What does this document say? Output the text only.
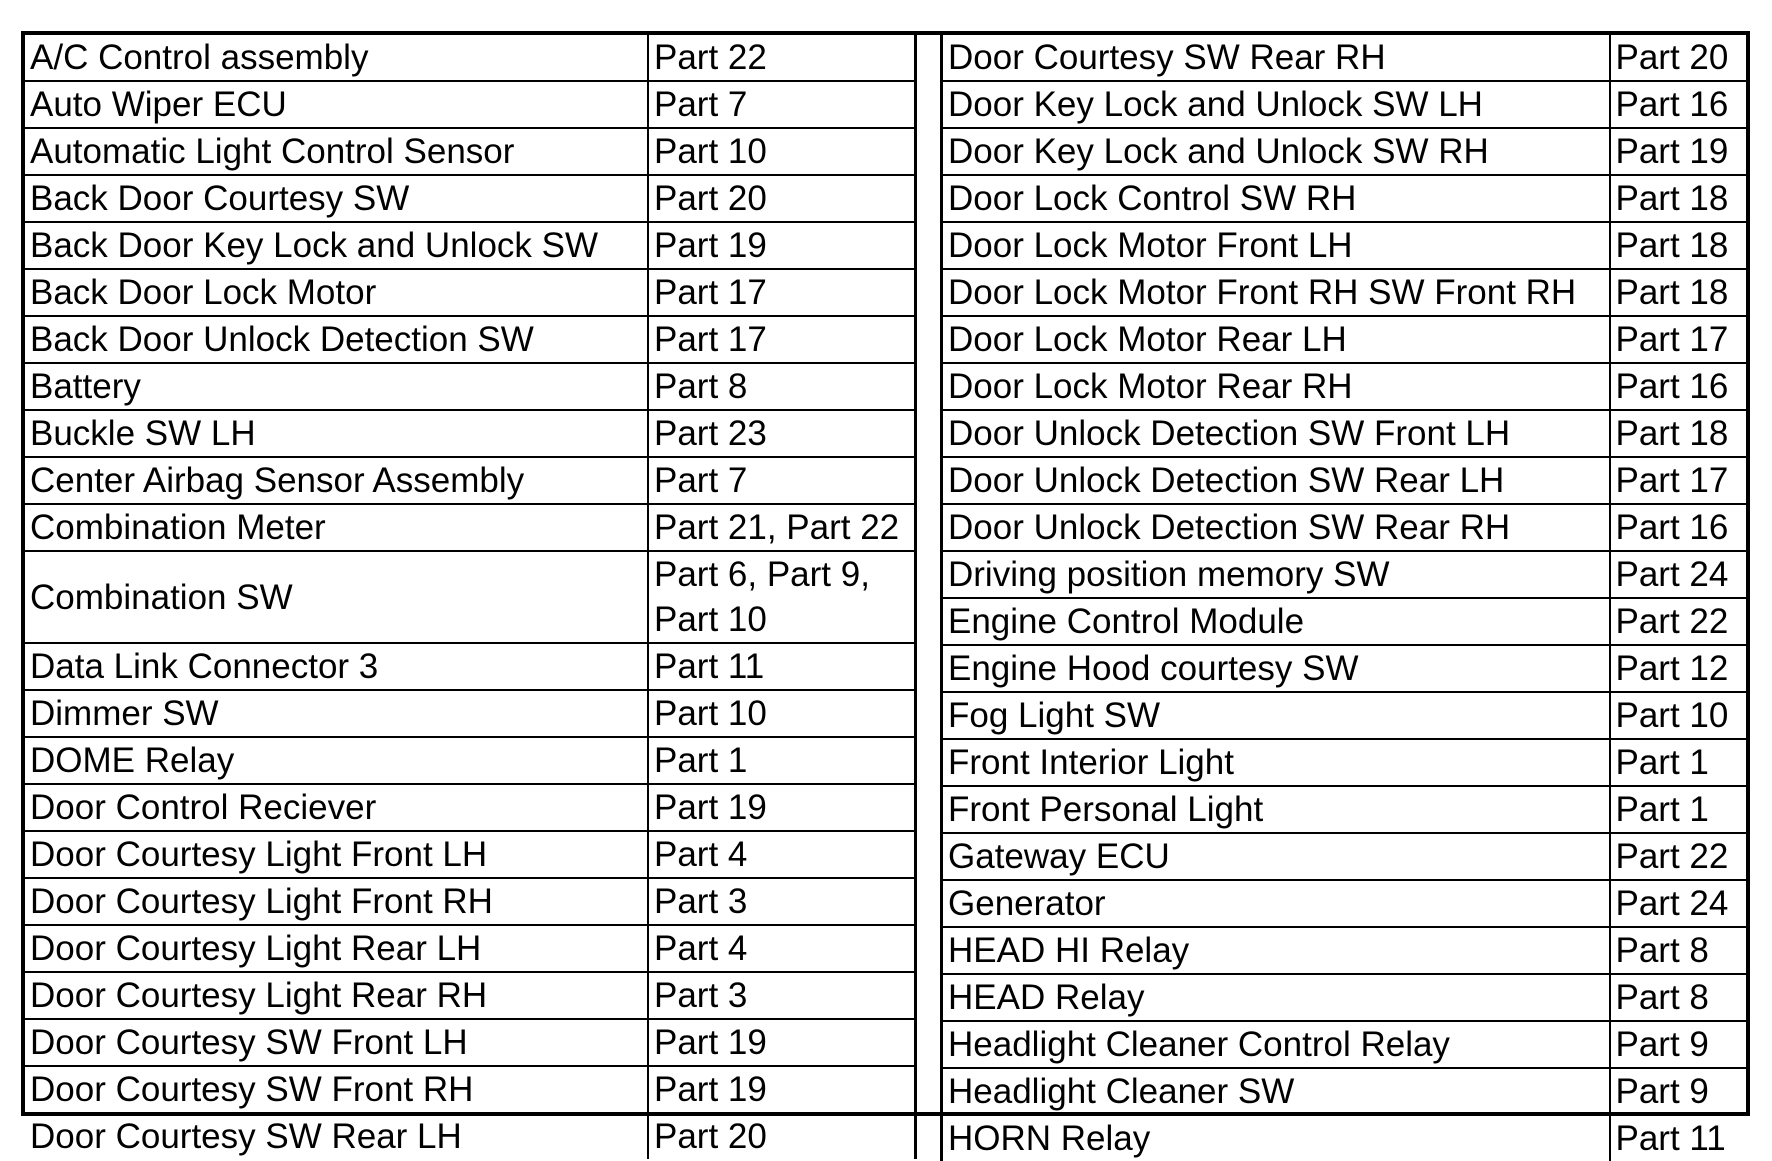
A/C Control assembly	Part 22
Auto Wiper ECU	Part 7
Automatic Light Control Sensor	Part 10
Back Door Courtesy SW	Part 20
Back Door Key Lock and Unlock SW	Part 19
Back Door Lock Motor	Part 17
Back Door Unlock Detection SW	Part 17
Battery	Part 8
Buckle SW LH	Part 23
Center Airbag Sensor Assembly	Part 7
Combination Meter	Part 21, Part 22
Combination SW	Part 6, Part 9,
Part 10

Data Link Connector 3	Part 11
Dimmer SW	Part 10
DOME Relay	Part 1
Door Control Reciever	Part 19
Door Courtesy Light Front LH	Part 4
Door Courtesy Light Front RH	Part 3
Door Courtesy Light Rear LH	Part 4
Door Courtesy Light Rear RH	Part 3
Door Courtesy SW Front LH	Part 19
Door Courtesy SW Front RH	Part 19
Door Courtesy SW Rear LH	Part 20
Door Courtesy SW Rear RH	Part 20
Door Key Lock and Unlock SW LH	Part 16
Door Key Lock and Unlock SW RH	Part 19
Door Lock Control SW RH	Part 18
Door Lock Motor Front LH	Part 18
Door Lock Motor Front RH SW Front RH	Part 18
Door Lock Motor Rear LH	Part 17
Door Lock Motor Rear RH	Part 16
Door Unlock Detection SW Front LH	Part 18
Door Unlock Detection SW Rear LH	Part 17
Door Unlock Detection SW Rear RH	Part 16
Driving position memory SW	Part 24
Engine Control Module	Part 22
Engine Hood courtesy SW	Part 12
Fog Light SW	Part 10
Front Interior Light	Part 1
Front Personal Light	Part 1
Gateway ECU	Part 22
Generator	Part 24
HEAD HI Relay	Part 8
HEAD Relay	Part 8
Headlight Cleaner Control Relay	Part 9
Headlight Cleaner SW	Part 9
HORN Relay	Part 11
